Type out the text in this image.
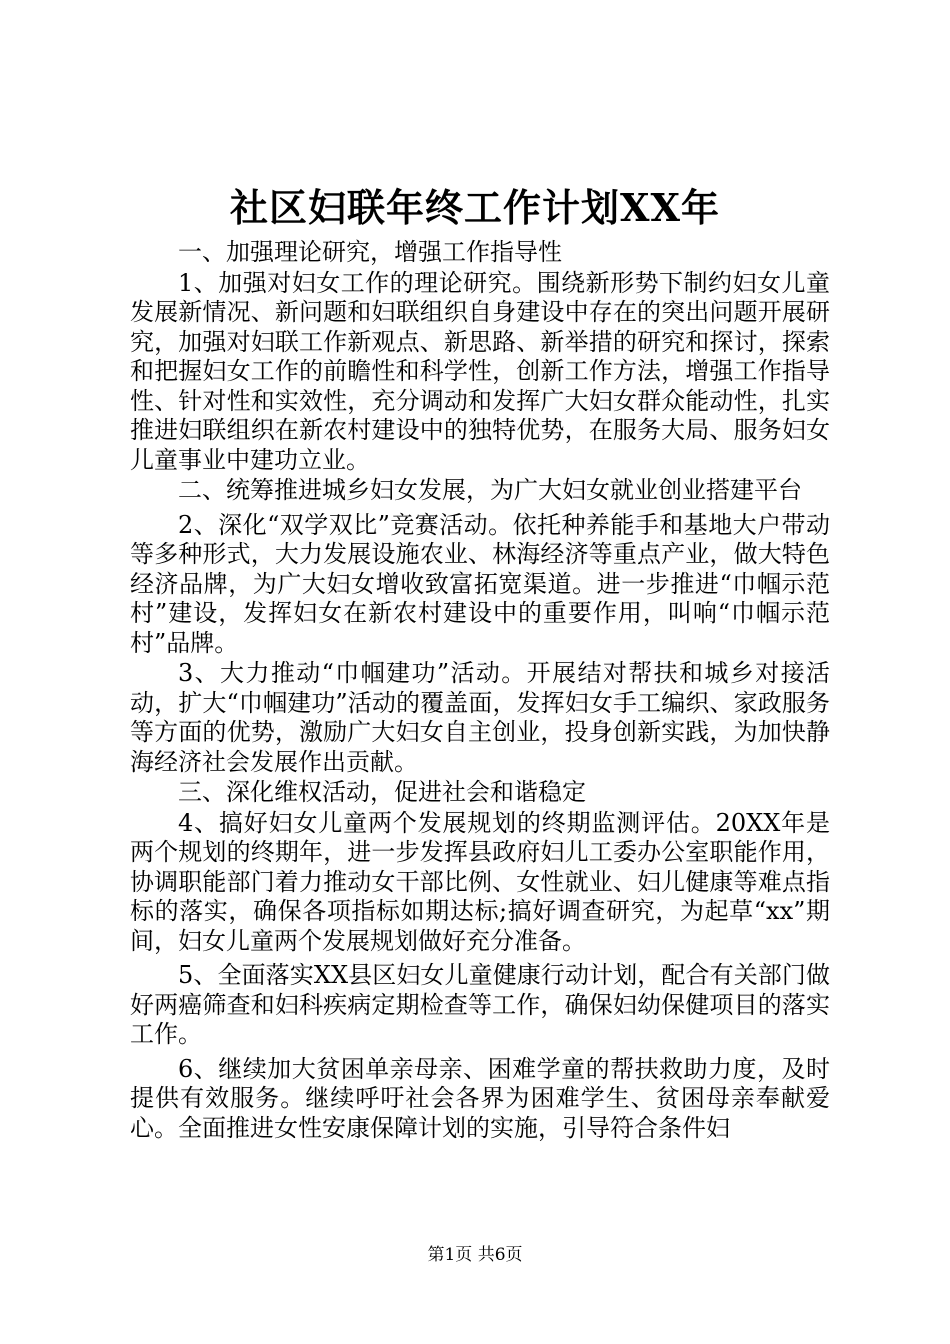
社区妇联年终工作计划XX年

一、加强理论研究，增强工作指导性

1、加强对妇女工作的理论研究。围绕新形势下制约妇女儿童发展新情况、新问题和妇联组织自身建设中存在的突出问题开展研究，加强对妇联工作新观点、新思路、新举措的研究和探讨，探索和把握妇女工作的前瞻性和科学性，创新工作方法，增强工作指导性、针对性和实效性，充分调动和发挥广大妇女群众能动性，扎实推进妇联组织在新农村建设中的独特优势，在服务大局、服务妇女儿童事业中建功立业。

二、统筹推进城乡妇女发展，为广大妇女就业创业搭建平台

2、深化“双学双比”竞赛活动。依托种养能手和基地大户带动等多种形式，大力发展设施农业、林海经济等重点产业，做大特色经济品牌，为广大妇女增收致富拓宽渠道。进一步推进“巾帼示范村”建设，发挥妇女在新农村建设中的重要作用，叫响“巾帼示范村”品牌。

3、大力推动“巾帼建功”活动。开展结对帮扶和城乡对接活动，扩大“巾帼建功”活动的覆盖面，发挥妇女手工编织、家政服务等方面的优势，激励广大妇女自主创业，投身创新实践，为加快静海经济社会发展作出贡献。

三、深化维权活动，促进社会和谐稳定

4、搞好妇女儿童两个发展规划的终期监测评估。20XX年是两个规划的终期年，进一步发挥县政府妇儿工委办公室职能作用，协调职能部门着力推动女干部比例、女性就业、妇儿健康等难点指标的落实，确保各项指标如期达标;搞好调查研究，为起草“xx”期间，妇女儿童两个发展规划做好充分准备。

5、全面落实XX县区妇女儿童健康行动计划，配合有关部门做好两癌筛查和妇科疾病定期检查等工作，确保妇幼保健项目的落实工作。

6、继续加大贫困单亲母亲、困难学童的帮扶救助力度，及时提供有效服务。继续呼吁社会各界为困难学生、贫困母亲奉献爱心。全面推进女性安康保障计划的实施，引导符合条件妇

第1页 共6页
